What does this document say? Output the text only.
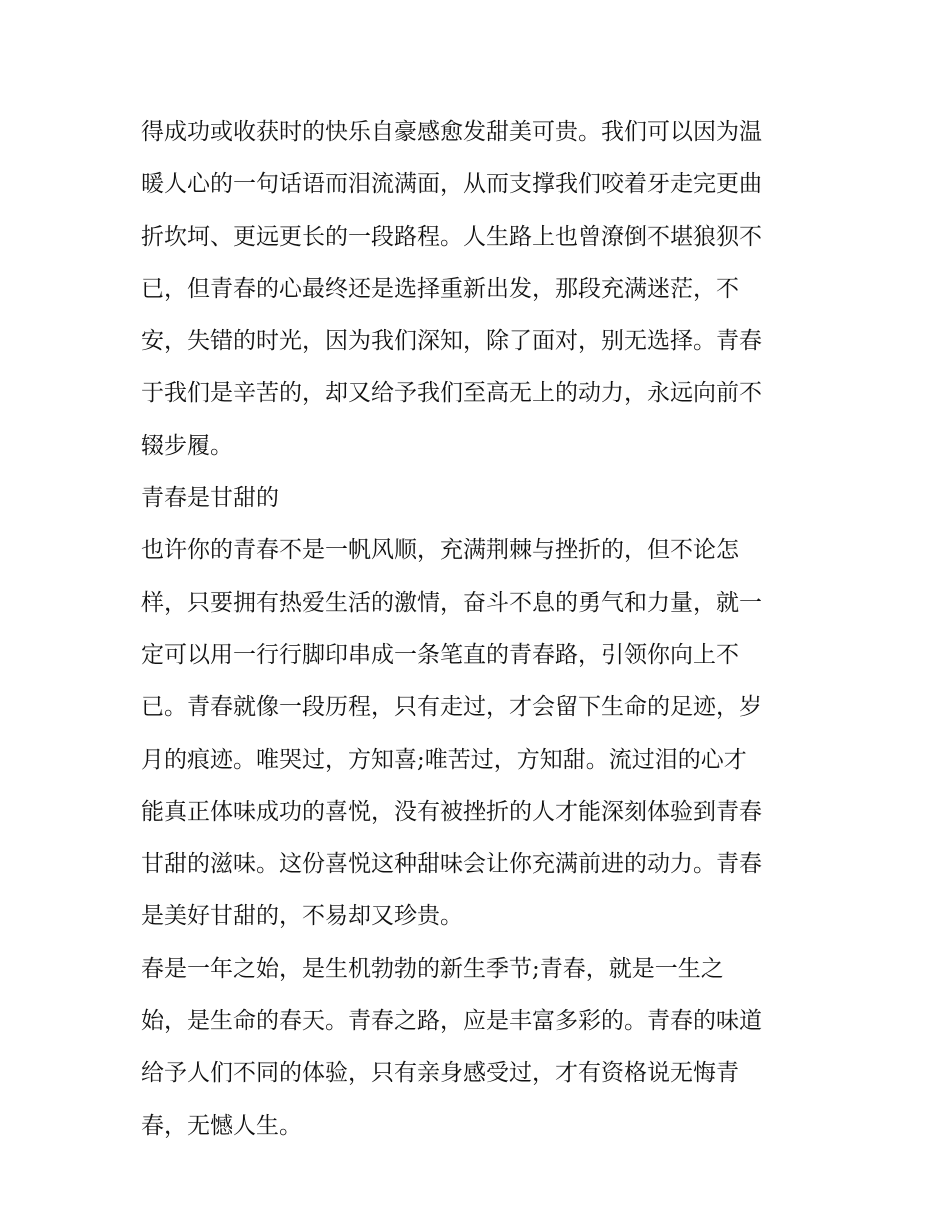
得成功或收获时的快乐自豪感愈发甜美可贵。我们可以因为温
暖人心的一句话语而泪流满面，从而支撑我们咬着牙走完更曲
折坎坷、更远更长的一段路程。人生路上也曾潦倒不堪狼狈不
已，但青春的心最终还是选择重新出发，那段充满迷茫，不
安，失错的时光，因为我们深知，除了面对，别无选择。青春
于我们是辛苦的，却又给予我们至高无上的动力，永远向前不
辍步履。
青春是甘甜的
也许你的青春不是一帆风顺，充满荆棘与挫折的，但不论怎
样，只要拥有热爱生活的激情，奋斗不息的勇气和力量，就一
定可以用一行行脚印串成一条笔直的青春路，引领你向上不
已。青春就像一段历程，只有走过，才会留下生命的足迹，岁
月的痕迹。唯哭过，方知喜;唯苦过，方知甜。流过泪的心才
能真正体味成功的喜悦，没有被挫折的人才能深刻体验到青春
甘甜的滋味。这份喜悦这种甜味会让你充满前进的动力。青春
是美好甘甜的，不易却又珍贵。
春是一年之始，是生机勃勃的新生季节;青春，就是一生之
始，是生命的春天。青春之路，应是丰富多彩的。青春的味道
给予人们不同的体验，只有亲身感受过，才有资格说无悔青
春，无憾人生。
